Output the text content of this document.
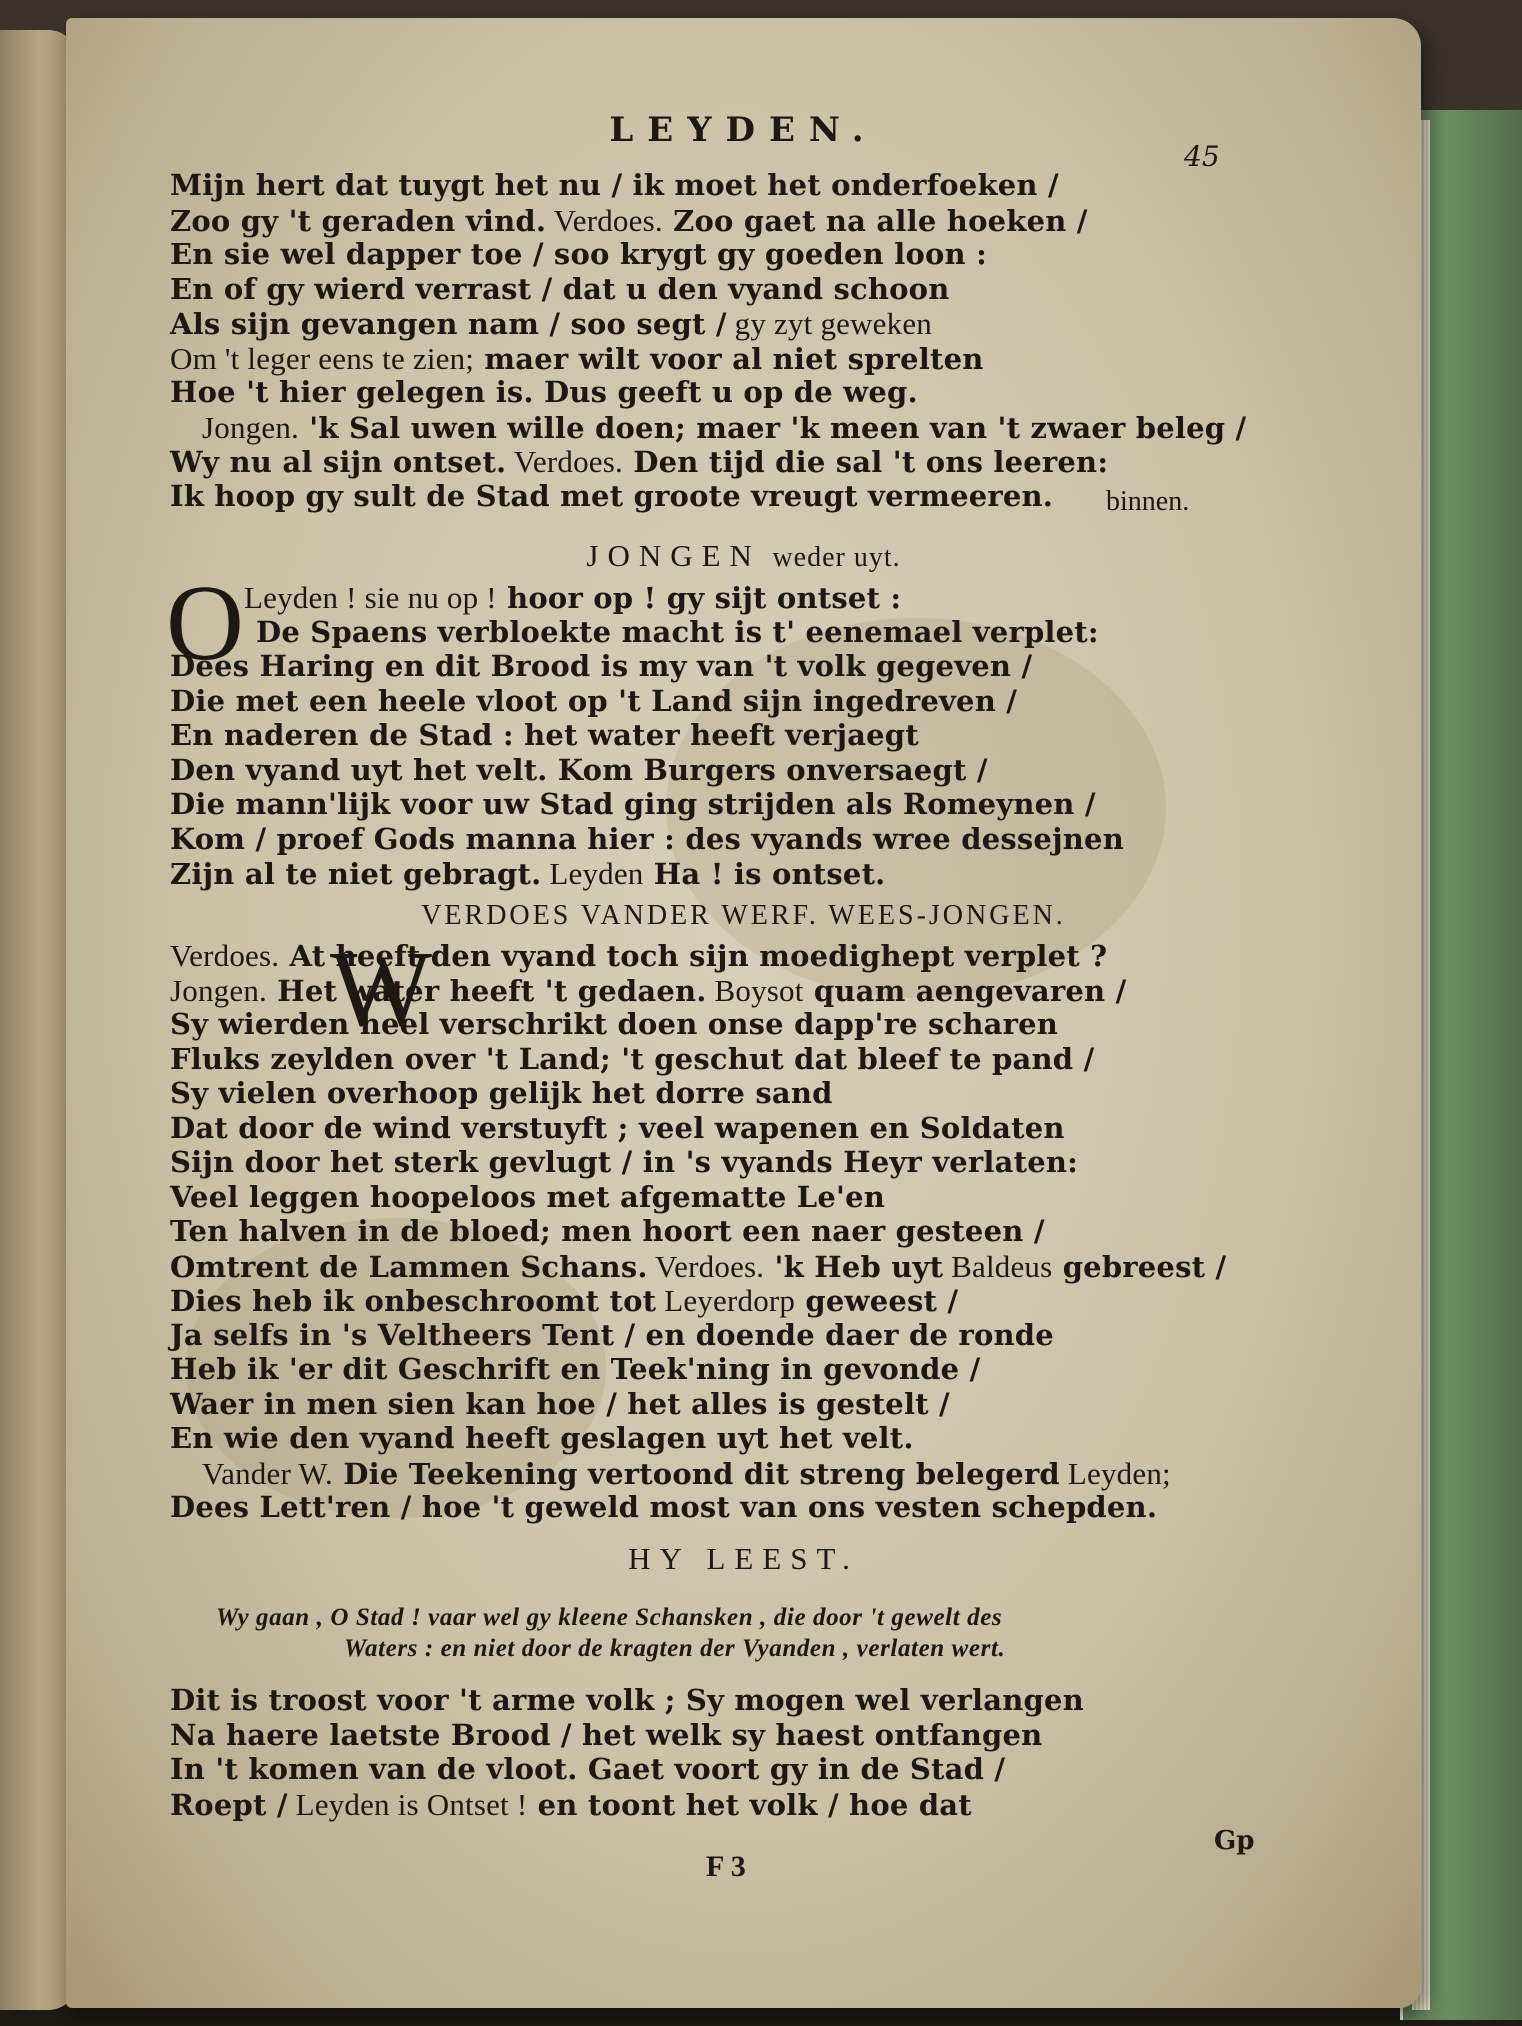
LEYDEN.
45
Mijn hert dat tuygt het nu / ik moet het onderfoeken /
Zoo gy 't geraden vind. Verdoes. Zoo gaet na alle hoeken /
En sie wel dapper toe / soo krygt gy goeden loon :
En of gy wierd verrast / dat u den vyand schoon
Als sijn gevangen nam / soo segt / gy zyt geweken
Om 't leger eens te zien; maer wilt voor al niet sprelten
Hoe 't hier gelegen is. Dus geeft u op de weg.
Jongen. 'k Sal uwen wille doen; maer 'k meen van 't zwaer beleg /
Wy nu al sijn ontset. Verdoes. Den tijd die sal 't ons leeren:
Ik hoop gy sult de Stad met groote vreugt vermeeren. binnen.
JONGEN weder uyt.
O Leyden ! sie nu op ! hoor op ! gy sijt ontset :
De Spaens verbloekte macht is t' eenemael verplet:
Dees Haring en dit Brood is my van 't volk gegeven /
Die met een heele vloot op 't Land sijn ingedreven /
En naderen de Stad : het water heeft verjaegt
Den vyand uyt het velt. Kom Burgers onversaegt /
Die mann'lijk voor uw Stad ging strijden als Romeynen /
Kom / proef Gods manna hier : des vyands wree dessejnen
Zijn al te niet gebragt. Leyden Ha ! is ontset.
VERDOES VANDER WERF. WEES-JONGEN.
W
Verdoes. At heeft den vyand toch sijn moedighept verplet ?
Jongen. Het water heeft 't gedaen. Boysot quam aengevaren /
Sy wierden heel verschrikt doen onse dapp're scharen
Fluks zeylden over 't Land; 't geschut dat bleef te pand /
Sy vielen overhoop gelijk het dorre sand
Dat door de wind verstuyft ; veel wapenen en Soldaten
Sijn door het sterk gevlugt / in 's vyands Heyr verlaten:
Veel leggen hoopeloos met afgematte Le'en
Ten halven in de bloed; men hoort een naer gesteen /
Omtrent de Lammen Schans. Verdoes. 'k Heb uyt Baldeus gebreest /
Dies heb ik onbeschroomt tot Leyerdorp geweest /
Ja selfs in 's Veltheers Tent / en doende daer de ronde
Heb ik 'er dit Geschrift en Teek'ning in gevonde /
Waer in men sien kan hoe / het alles is gestelt /
En wie den vyand heeft geslagen uyt het velt.
Vander W. Die Teekening vertoond dit streng belegerd Leyden;
Dees Lett'ren / hoe 't geweld most van ons vesten schepden.
HY LEEST.
Wy gaan , O Stad ! vaar wel gy kleene Schansken , die door 't gewelt des
Waters : en niet door de kragten der Vyanden , verlaten wert.
Dit is troost voor 't arme volk ; Sy mogen wel verlangen
Na haere laetste Brood / het welk sy haest ontfangen
In 't komen van de vloot. Gaet voort gy in de Stad /
Roept / Leyden is Ontset ! en toont het volk / hoe dat
F 3
Gp
